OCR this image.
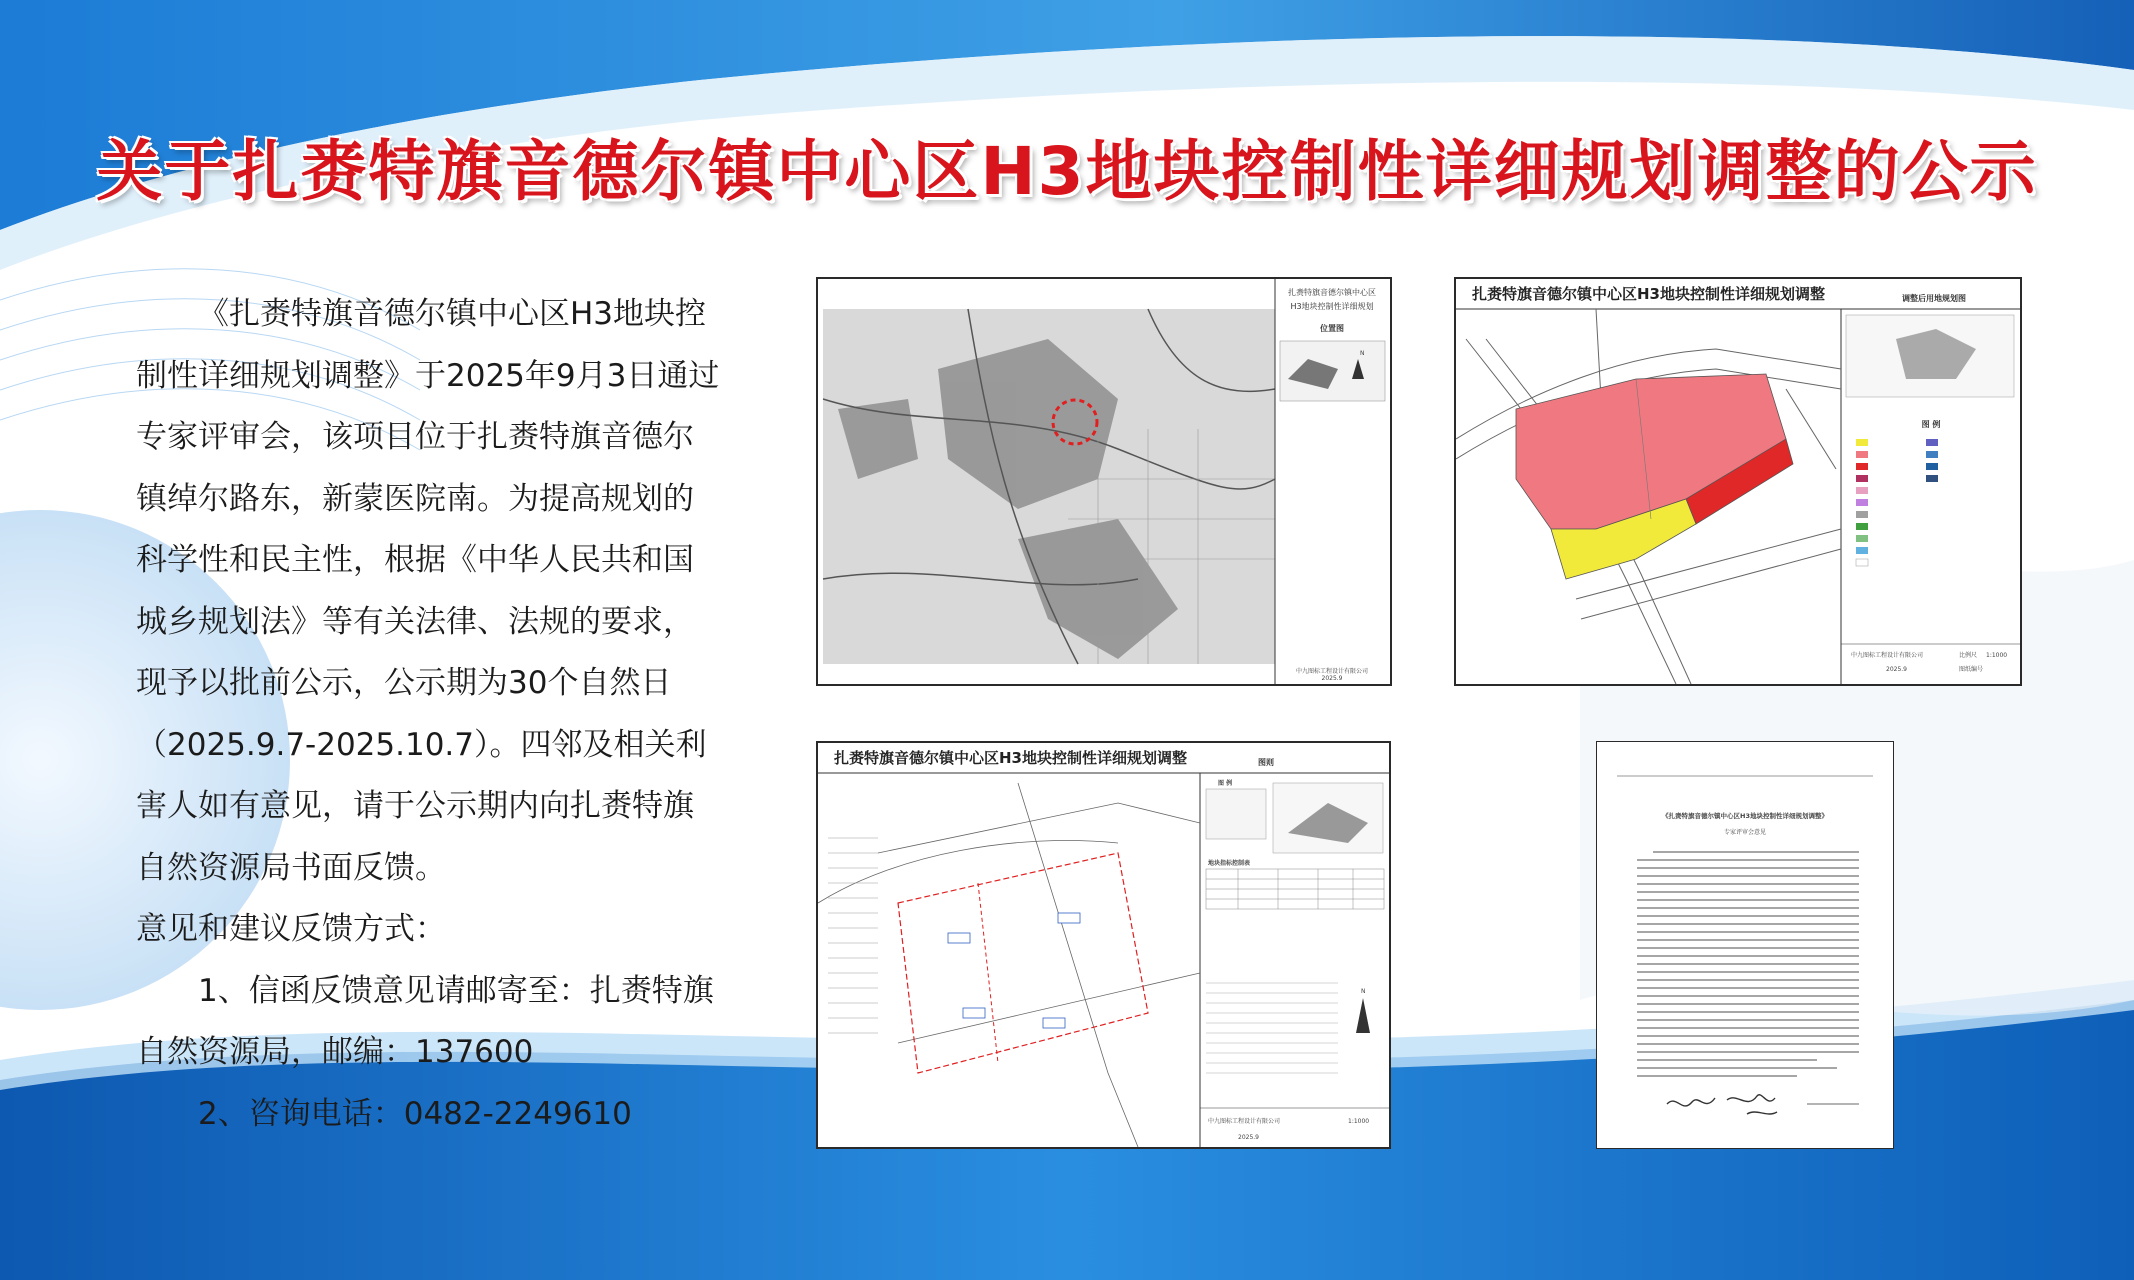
关于扎赉特旗音德尔镇中心区H3地块控制性详细规划调整的公示

《扎赉特旗音德尔镇中心区H3地块控制性详细规划调整》于2025年9月3日通过专家评审会，该项目位于扎赉特旗音德尔镇绰尔路东，新蒙医院南。为提高规划的科学性和民主性，根据《中华人民共和国城乡规划法》等有关法律、法规的要求，现予以批前公示，公示期为30个自然日（2025.9.7-2025.10.7）。四邻及相关利害人如有意见，请于公示期内向扎赉特旗自然资源局书面反馈。

意见和建议反馈方式：

1、信函反馈意见请邮寄至：扎赉特旗自然资源局，邮编：137600

2、咨询电话：0482-2249610

扎赉特旗音德尔镇中心区
H3地块控制性详细规划
位置图
N
中九图标工程设计有限公司
2025.9
扎赉特旗音德尔镇中心区H3地块控制性详细规划调整	调整后用地规划图
图 例
中九图标工程设计有限公司
2025.9
比例尺 1:1000
图纸编号
扎赉特旗音德尔镇中心区H3地块控制性详细规划调整	图则
图 例
地块指标控制表
N
中九图标工程设计有限公司
2025.9
1:1000
《扎赉特旗音德尔镇中心区H3地块控制性详细规划调整》
专家评审会意见
